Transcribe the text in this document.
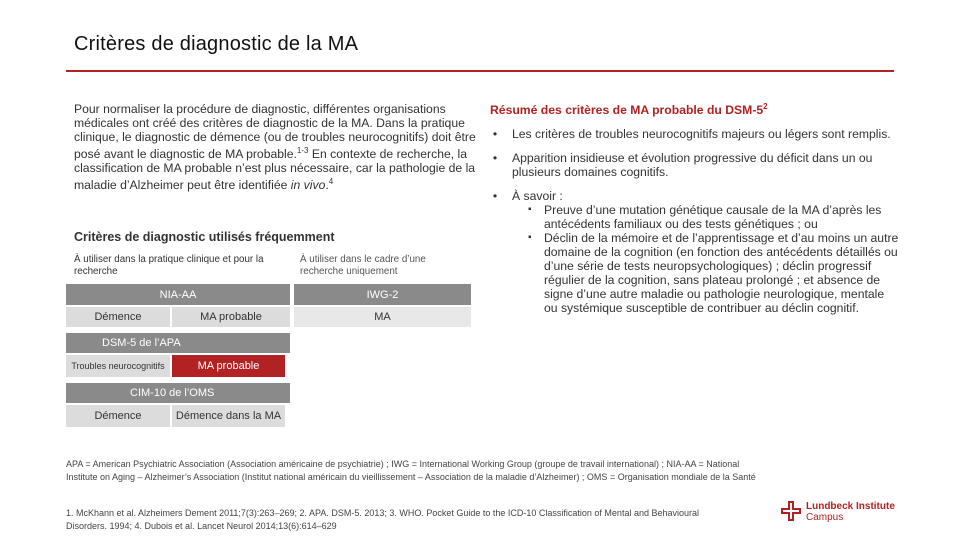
Critères de diagnostic de la MA
Pour normaliser la procédure de diagnostic, différentes organisations médicales ont créé des critères de diagnostic de la MA. Dans la pratique clinique, le diagnostic de démence (ou de troubles neurocognitifs) doit être posé avant le diagnostic de MA probable.$^{1-3}$ En contexte de recherche, la classification de MA probable n’est plus nécessaire, car la pathologie de la maladie d’Alzheimer peut être identifiée in vivo.$^4$
Critères de diagnostic utilisés fréquemment
À utiliser dans la pratique clinique et pour la recherche
À utiliser dans le cadre d’une recherche uniquement
NIA-AA	IWG-2
Démence	MA probable	MA
DSM-5 de l’APA
Troubles neurocognitifs	MA probable
CIM-10 de l’OMS
Démence	Démence dans la MA
Résumé des critères de MA probable du DSM-$5^2$
• Les critères de troubles neurocognitifs majeurs ou légers sont remplis.
• Apparition insidieuse et évolution progressive du déficit dans un ou plusieurs domaines cognitifs.
• À savoir :
▪ Preuve d’une mutation génétique causale de la MA d’après les antécédents familiaux ou des tests génétiques ; ou
▪ Déclin de la mémoire et de l’apprentissage et d’au moins un autre domaine de la cognition (en fonction des antécédents détaillés ou d’une série de tests neuropsychologiques) ; déclin progressif régulier de la cognition, sans plateau prolongé ; et absence de signe d’une autre maladie ou pathologie neurologique, mentale ou systémique susceptible de contribuer au déclin cognitif.
APA = American Psychiatric Association (Association américaine de psychiatrie) ; IWG = International Working Group (groupe de travail international) ; NIA-AA = National Institute on Aging – Alzheimer’s Association (Institut national américain du vieillissement – Association de la maladie d’Alzheimer) ; OMS = Organisation mondiale de la Santé
1. McKhann et al. Alzheimers Dement 2011;7(3):263–269; 2. APA. DSM-5. 2013; 3. WHO. Pocket Guide to the ICD-10 Classification of Mental and Behavioural Disorders. 1994; 4. Dubois et al. Lancet Neurol 2014;13(6):614–629
Lundbeck Institute
Campus
